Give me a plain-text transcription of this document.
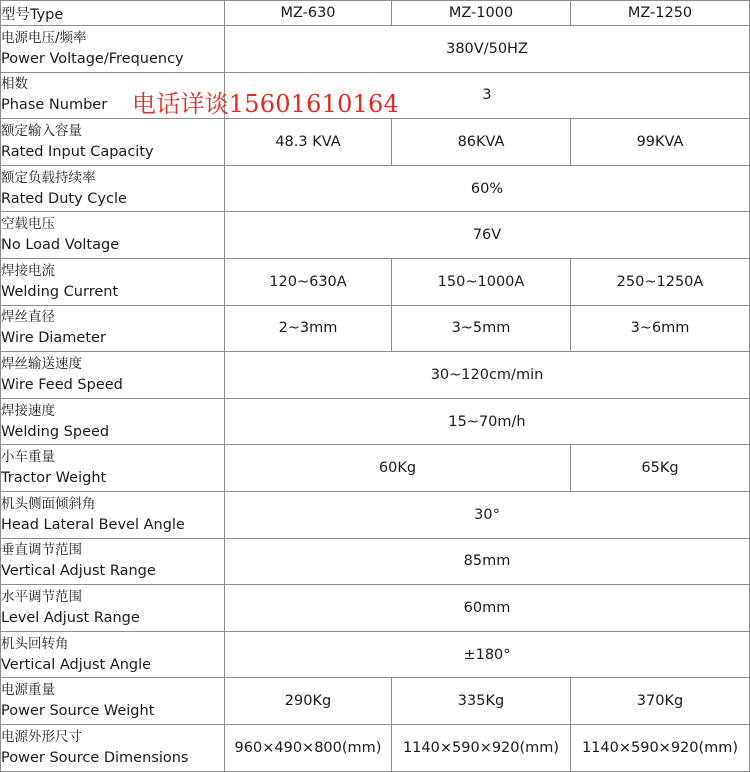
型号Type	MZ-630	MZ-1000	MZ-1250

电源电压/频率
Power Voltage/Frequency	380V/50HZ		

相数
Phase Number	3		

额定输入容量
Rated Input Capacity	48.3 KVA	86KVA	99KVA

额定负载持续率
Rated Duty Cycle	60%		

空载电压
No Load Voltage	76V		

焊接电流
Welding Current	120~630A	150~1000A	250~1250A

焊丝直径
Wire Diameter	2~3mm	3~5mm	3~6mm

焊丝输送速度
Wire Feed Speed	30~120cm/min		

焊接速度
Welding Speed	15~70m/h		

小车重量
Tractor Weight	60Kg		65Kg

机头侧面倾斜角
Head Lateral Bevel Angle	30°		

垂直调节范围
Vertical Adjust Range	85mm		

水平调节范围
Level Adjust Range	60mm		

机头回转角
Vertical Adjust Angle	±180°		

电源重量
Power Source Weight	290Kg	335Kg	370Kg

电源外形尺寸
Power Source Dimensions	960×490×800(mm)	1140×590×920(mm)	1140×590×920(mm)
电话详谈15601610164
